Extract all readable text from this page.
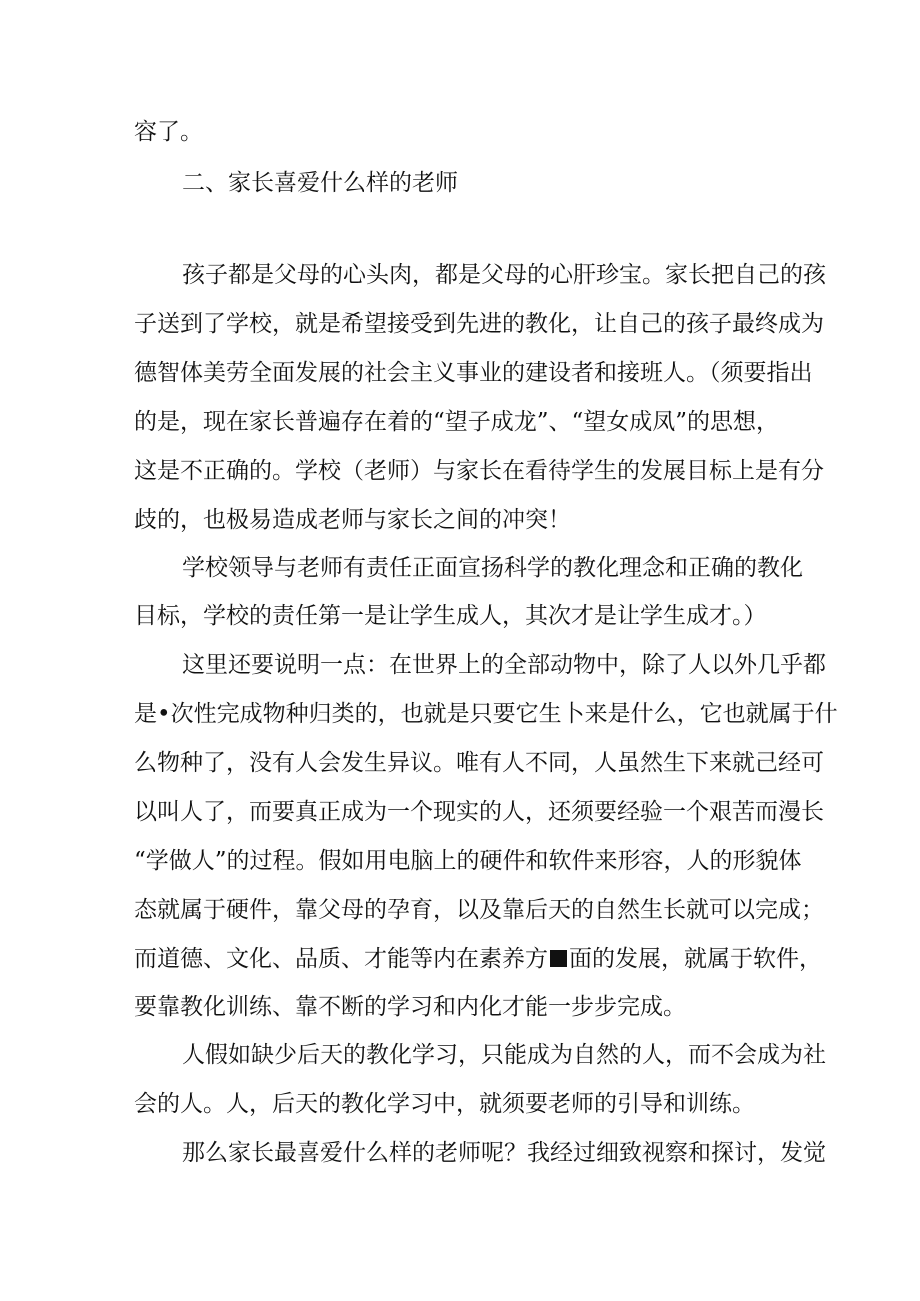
容了。
二、家长喜爱什么样的老师
孩子都是父母的心头肉，都是父母的心肝珍宝。家长把自己的孩
子送到了学校，就是希望接受到先进的教化，让自己的孩子最终成为
德智体美劳全面发展的社会主义事业的建设者和接班人。（须要指出
的是，现在家长普遍存在着的“望子成龙”、“望女成凤”的思想，
这是不正确的。学校（老师）与家长在看待学生的发展目标上是有分
歧的，也极易造成老师与家长之间的冲突！
学校领导与老师有责任正面宣扬科学的教化理念和正确的教化
目标，学校的责任第一是让学生成人，其次才是让学生成才。）
这里还要说明一点：在世界上的全部动物中，除了人以外几乎都
是•次性完成物种归类的，也就是只要它生卜来是什么，它也就属于什
么物种了，没有人会发生异议。唯有人不同，人虽然生下来就己经可
以叫人了，而要真正成为一个现实的人，还须要经验一个艰苦而漫长
“学做人”的过程。假如用电脑上的硬件和软件来形容，人的形貌体
态就属于硬件，靠父母的孕育，以及靠后天的自然生长就可以完成；
而道德、文化、品质、才能等内在素养方 面的发展，就属于软件，
要靠教化训练、靠不断的学习和内化才能一步步完成。
人假如缺少后天的教化学习，只能成为自然的人，而不会成为社
会的人。人，后天的教化学习中，就须要老师的引导和训练。
那么家长最喜爱什么样的老师呢？我经过细致视察和探讨，发觉
